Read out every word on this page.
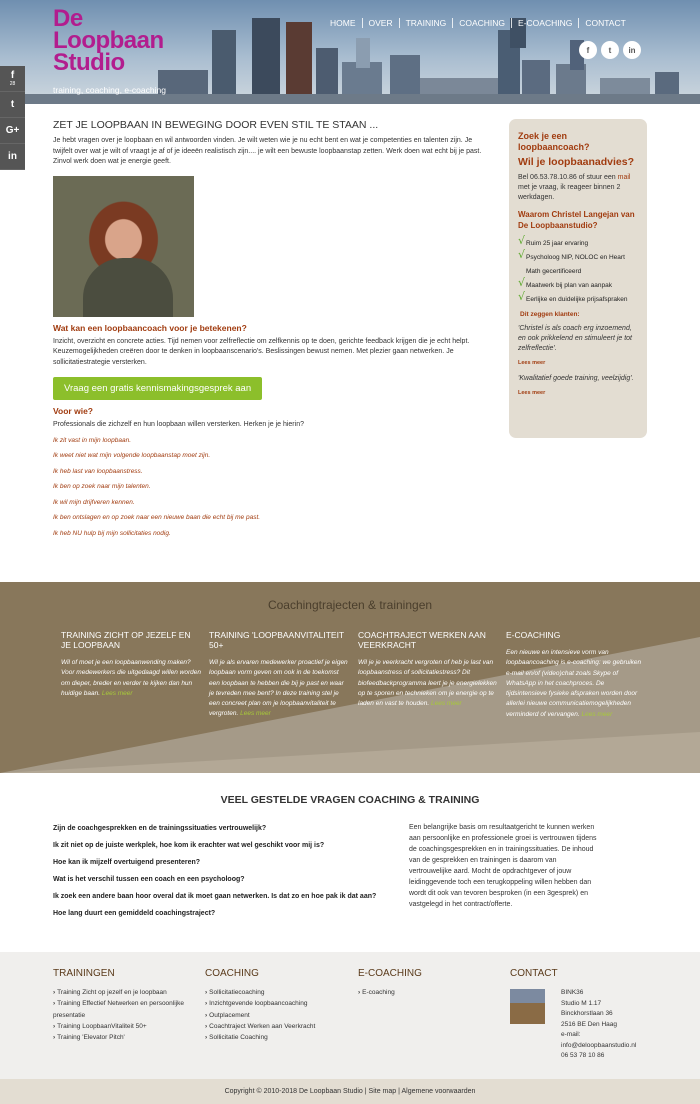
De
Loopbaan
Studio
training, coaching, e-coaching
HOME	OVER	TRAINING	COACHING	E-COACHING	CONTACT
f	t	in
f
28
t
G+
in
ZET JE LOOPBAAN IN BEWEGING DOOR EVEN STIL TE STAAN ...

Je hebt vragen over je loopbaan en wil antwoorden vinden. Je wilt weten wie je nu echt bent en wat je competenties en talenten zijn. Je twijfelt over wat je wilt of vraagt je af of je ideeën realistisch zijn.... je wilt een bewuste loopbaanstap zetten. Werk doen wat echt bij je past. Zinvol werk doen wat je energie geeft.

Wat kan een loopbaancoach voor je betekenen?

Inzicht, overzicht en concrete acties. Tijd nemen voor zelfreflectie om zelfkennis op te doen, gerichte feedback krijgen die je echt helpt. Keuzemogelijkheden creëren door te denken in loopbaanscenario's. Beslissingen bewust nemen. Met plezier gaan netwerken. Je sollicitatiestrategie versterken.

Vraag een gratis kennismakingsgesprek aan
Voor wie?

Professionals die zichzelf en hun loopbaan willen versterken. Herken je je hierin?

Ik zit vast in mijn loopbaan.
Ik weet niet wat mijn volgende loopbaanstap moet zijn.
Ik heb last van loopbaanstress.
Ik ben op zoek naar mijn talenten.
Ik wil mijn drijfveren kennen.
Ik ben ontslagen en op zoek naar een nieuwe baan die echt bij me past.
Ik heb NU hulp bij mijn sollicitaties nodig.
Zoek je een loopbaancoach?
Wil je loopbaanadvies?

Bel 06.53.78.10.86 of stuur een mail met je vraag, ik reageer binnen 2 werkdagen.

Waarom Christel Langejan van De Loopbaanstudio?
√ Ruim 25 jaar ervaring
√ Psycholoog NIP, NOLOC en Heart Math gecertificeerd
√ Maatwerk bij plan van aanpak
√ Eerlijke en duidelijke prijsafspraken
Dit zeggen klanten:

'Christel is als coach erg inzoemend, en ook prikkelend en stimuleert je tot zelfreflectie'.

Lees meer

'Kwalitatief goede training, veelzijdig'.

Lees meer
Coachingtrajecten & trainingen
TRAINING ZICHT OP JEZELF EN JE LOOPBAAN

Wil of moet je een loopbaanwending maken? Voor medewerkers die uitgedaagd willen worden om dieper, breder en verder te kijken dan hun huidige baan. Lees meer

TRAINING 'LOOPBAANVITALITEIT 50+

Wil je als ervaren medewerker proactief je eigen loopbaan vorm geven om ook in de toekomst een loopbaan te hebben die bij je past en waar je tevreden mee bent? In deze training stel je een concreet plan om je loopbaanvitaliteit te vergroten. Lees meer

COACHTRAJECT WERKEN AAN VEERKRACHT

Wil je je veerkracht vergroten of heb je last van loopbaanstress of sollicitatiestress? Dit biofeedbackprogramma leert je je energielekken op te sporen en technieken om je energie op te laden en vast te houden. Lees meer

E-COACHING

Een nieuwe en intensieve vorm van loopbaancoaching is e-coaching: we gebruiken e-mail en/of (video)chat zoals Skype of WhatsApp in het coachproces. De tijdsintensieve fysieke afspraken worden door allerlei nieuwe communicatiemogelijkheden verminderd of vervangen. Lees meer

VEEL GESTELDE VRAGEN COACHING & TRAINING
Zijn de coachgesprekken en de trainingssituaties vertrouwelijk?
Ik zit niet op de juiste werkplek, hoe kom ik erachter wat wel geschikt voor mij is?
Hoe kan ik mijzelf overtuigend presenteren?
Wat is het verschil tussen een coach en een psycholoog?
Ik zoek een andere baan hoor overal dat ik moet gaan netwerken. Is dat zo en hoe pak ik dat aan?
Hoe lang duurt een gemiddeld coachingstraject?

Een belangrijke basis om resultaatgericht te kunnen werken aan persoonlijke en professionele groei is vertrouwen tijdens de coachingsgesprekken en in trainingssituaties. De inhoud van de gesprekken en trainingen is daarom van vertrouwelijke aard. Mocht de opdrachtgever of jouw leidinggevende toch een terugkoppeling willen hebben dan wordt dit ook van tevoren besproken (in een 3gesprek) en vastgelegd in het contract/offerte.

TRAININGEN
› Training Zicht op jezelf en je loopbaan
› Training Effectief Netwerken en persoonlijke presentatie
› Training LoopbaanVitaliteit 50+
› Training 'Elevator Pitch'
COACHING
› Sollicitatiecoaching
› Inzichtgevende loopbaancoaching
› Outplacement
› Coachtraject Werken aan Veerkracht
› Sollicitatie Coaching
E-COACHING
› E-coaching
CONTACT
BINK36
Studio M 1.17
Binckhorstlaan 36
2516 BE Den Haag
e-mail:
info@deloopbaanstudio.nl
06 53 78 10 86
Copyright © 2010-2018 De Loopbaan Studio | Site map | Algemene voorwaarden
